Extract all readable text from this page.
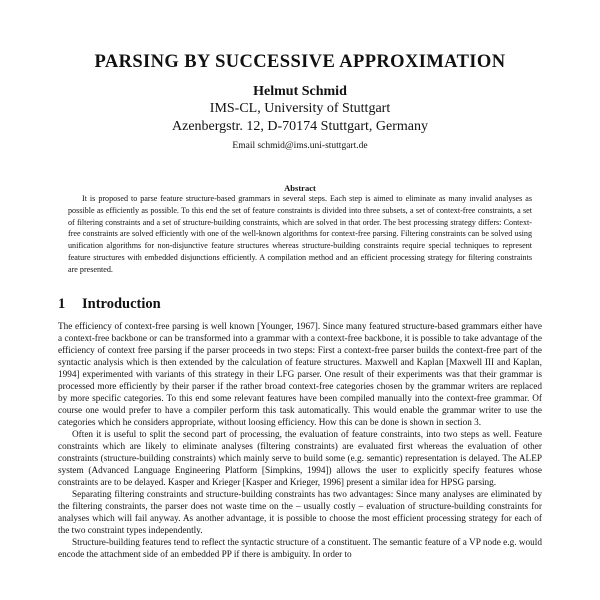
PARSING BY SUCCESSIVE APPROXIMATION
Helmut Schmid
IMS-CL, University of Stuttgart
Azenbergstr. 12, D-70174 Stuttgart, Germany
Email schmid@ims.uni-stuttgart.de
Abstract

It is proposed to parse feature structure-based grammars in several steps. Each step is aimed to eliminate as many invalid analyses as possible as efficiently as possible. To this end the set of feature constraints is divided into three subsets, a set of context-free constraints, a set of filtering constraints and a set of structure-building constraints, which are solved in that order. The best processing strategy differs: Context-free constraints are solved efficiently with one of the well-known algorithms for context-free parsing. Filtering constraints can be solved using unification algorithms for non-disjunctive feature structures whereas structure-building constraints require special techniques to represent feature structures with embedded disjunctions efficiently. A compilation method and an efficient processing strategy for filtering constraints are presented.

1 Introduction

The efficiency of context-free parsing is well known [Younger, 1967]. Since many featured structure-based grammars either have a context-free backbone or can be transformed into a grammar with a context-free backbone, it is possible to take advantage of the efficiency of context free parsing if the parser proceeds in two steps: First a context-free parser builds the context-free part of the syntactic analysis which is then extended by the calculation of feature structures. Maxwell and Kaplan [Maxwell III and Kaplan, 1994] experimented with variants of this strategy in their LFG parser. One result of their experiments was that their grammar is processed more efficiently by their parser if the rather broad context-free categories chosen by the grammar writers are replaced by more specific categories. To this end some relevant features have been compiled manually into the context-free grammar. Of course one would prefer to have a compiler perform this task automatically. This would enable the grammar writer to use the categories which he considers appropriate, without loosing efficiency. How this can be done is shown in section 3.

Often it is useful to split the second part of processing, the evaluation of feature constraints, into two steps as well. Feature constraints which are likely to eliminate analyses (filtering constraints) are evaluated first whereas the evaluation of other constraints (structure-building constraints) which mainly serve to build some (e.g. semantic) representation is delayed. The ALEP system (Advanced Language Engineering Platform [Simpkins, 1994]) allows the user to explicitly specify features whose constraints are to be delayed. Kasper and Krieger [Kasper and Krieger, 1996] present a similar idea for HPSG parsing.

Separating filtering constraints and structure-building constraints has two advantages: Since many analyses are eliminated by the filtering constraints, the parser does not waste time on the – usually costly – evaluation of structure-building constraints for analyses which will fail anyway. As another advantage, it is possible to choose the most efficient processing strategy for each of the two constraint types independently.

Structure-building features tend to reflect the syntactic structure of a constituent. The semantic feature of a VP node e.g. would encode the attachment side of an embedded PP if there is ambiguity. In order to
